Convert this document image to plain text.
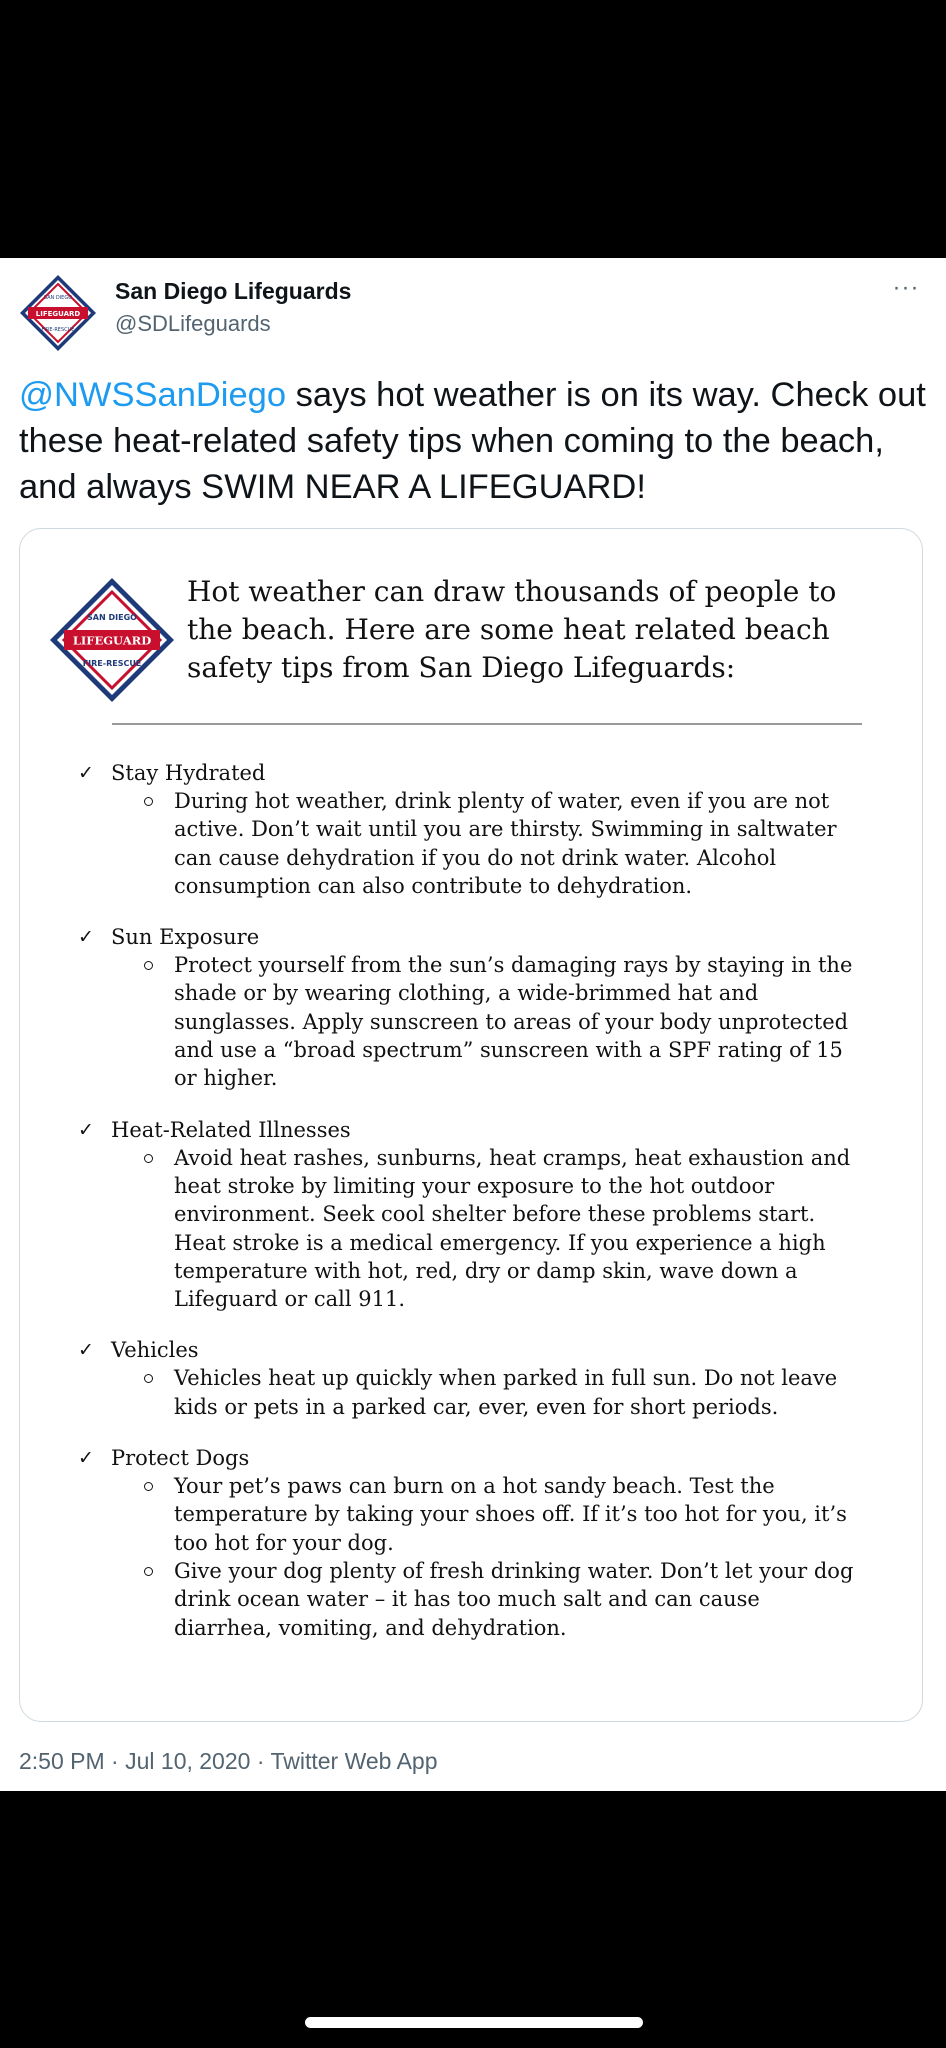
LIFEGUARD
SAN DIEGO
FIRE-RESCUE
San Diego Lifeguards
@SDLifeguards
···
@NWSSanDiego says hot weather is on its way. Check out these heat-related safety tips when coming to the beach, and always SWIM NEAR A LIFEGUARD!
LIFEGUARD
SAN DIEGO
FIRE-RESCUE
Hot weather can draw thousands of people to the beach. Here are some heat related beach safety tips from San Diego Lifeguards:
✓ Stay Hydrated
During hot weather, drink plenty of water, even if you are not active. Don’t wait until you are thirsty. Swimming in saltwater can cause dehydration if you do not drink water. Alcohol consumption can also contribute to dehydration.
✓ Sun Exposure
Protect yourself from the sun’s damaging rays by staying in the shade or by wearing clothing, a wide-brimmed hat and sunglasses. Apply sunscreen to areas of your body unprotected and use a “broad spectrum” sunscreen with a SPF rating of 15 or higher.
✓ Heat-Related Illnesses
Avoid heat rashes, sunburns, heat cramps, heat exhaustion and heat stroke by limiting your exposure to the hot outdoor environment. Seek cool shelter before these problems start. Heat stroke is a medical emergency. If you experience a high temperature with hot, red, dry or damp skin, wave down a Lifeguard or call 911.
✓ Vehicles
Vehicles heat up quickly when parked in full sun. Do not leave kids or pets in a parked car, ever, even for short periods.
✓ Protect Dogs
Your pet’s paws can burn on a hot sandy beach. Test the temperature by taking your shoes off. If it’s too hot for you, it’s too hot for your dog.
Give your dog plenty of fresh drinking water. Don’t let your dog drink ocean water – it has too much salt and can cause diarrhea, vomiting, and dehydration.
2:50 PM · Jul 10, 2020 · Twitter Web App
